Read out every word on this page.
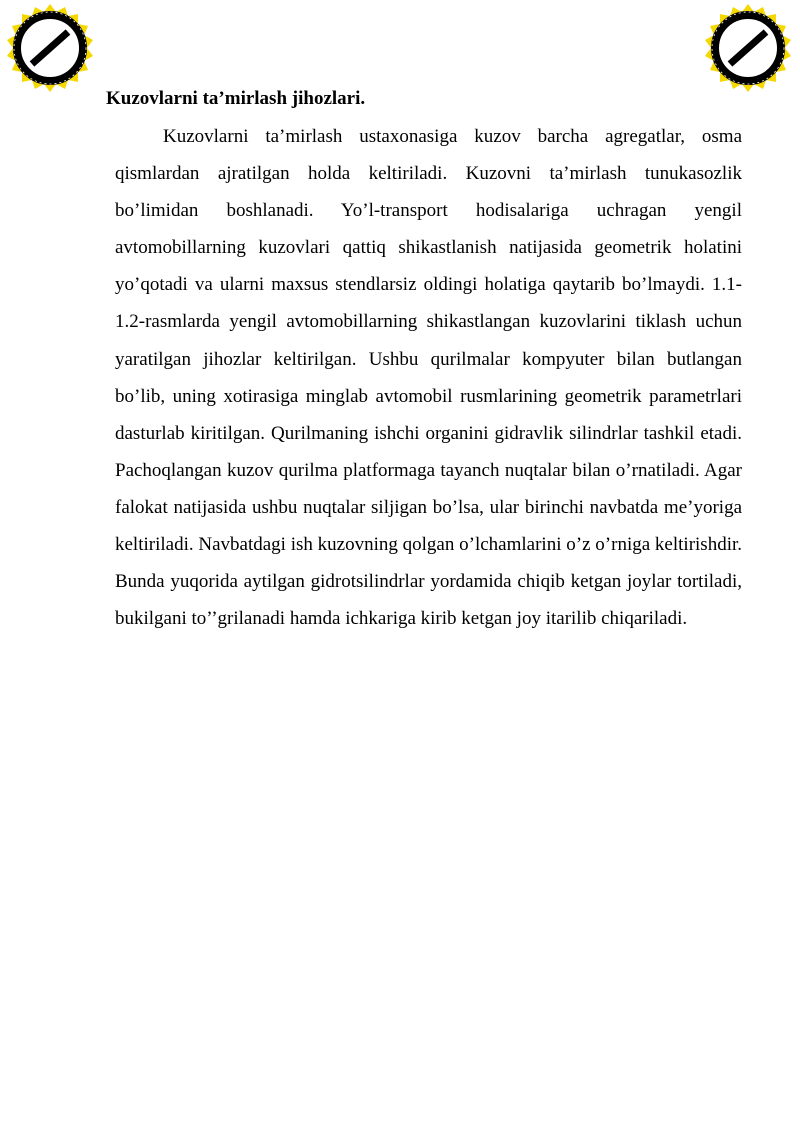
Kuzovlarni ta’mirlash jihozlari.

Kuzovlarni ta’mirlash ustaxonasiga kuzov barcha agregatlar, osma qismlardan ajratilgan holda keltiriladi. Kuzovni ta’mirlash tunukasozlik bo’limidan boshlanadi. Yo’l-transport hodisalariga uchragan yengil avtomobillarning kuzovlari qattiq shikastlanish natijasida geometrik holatini yo’qotadi va ularni maxsus stendlarsiz oldingi holatiga qaytarib bo’lmaydi. 1.1-1.2-rasmlarda yengil avtomobillarning shikastlangan kuzovlarini tiklash uchun yaratilgan jihozlar keltirilgan. Ushbu qurilmalar kompyuter bilan butlangan bo’lib, uning xotirasiga minglab avtomobil rusmlarining geometrik parametrlari dasturlab kiritilgan. Qurilmaning ishchi organini gidravlik silindrlar tashkil etadi. Pachoqlangan kuzov qurilma platformaga tayanch nuqtalar bilan o’rnatiladi. Agar falokat natijasida ushbu nuqtalar siljigan bo’lsa, ular birinchi navbatda me’yoriga keltiriladi. Navbatdagi ish kuzovning qolgan o’lchamlarini o’z o’rniga keltirishdir. Bunda yuqorida aytilgan gidrotsilindrlar yordamida chiqib ketgan joylar tortiladi, bukilgani to’’grilanadi hamda ichkariga kirib ketgan joy itarilib chiqariladi.
